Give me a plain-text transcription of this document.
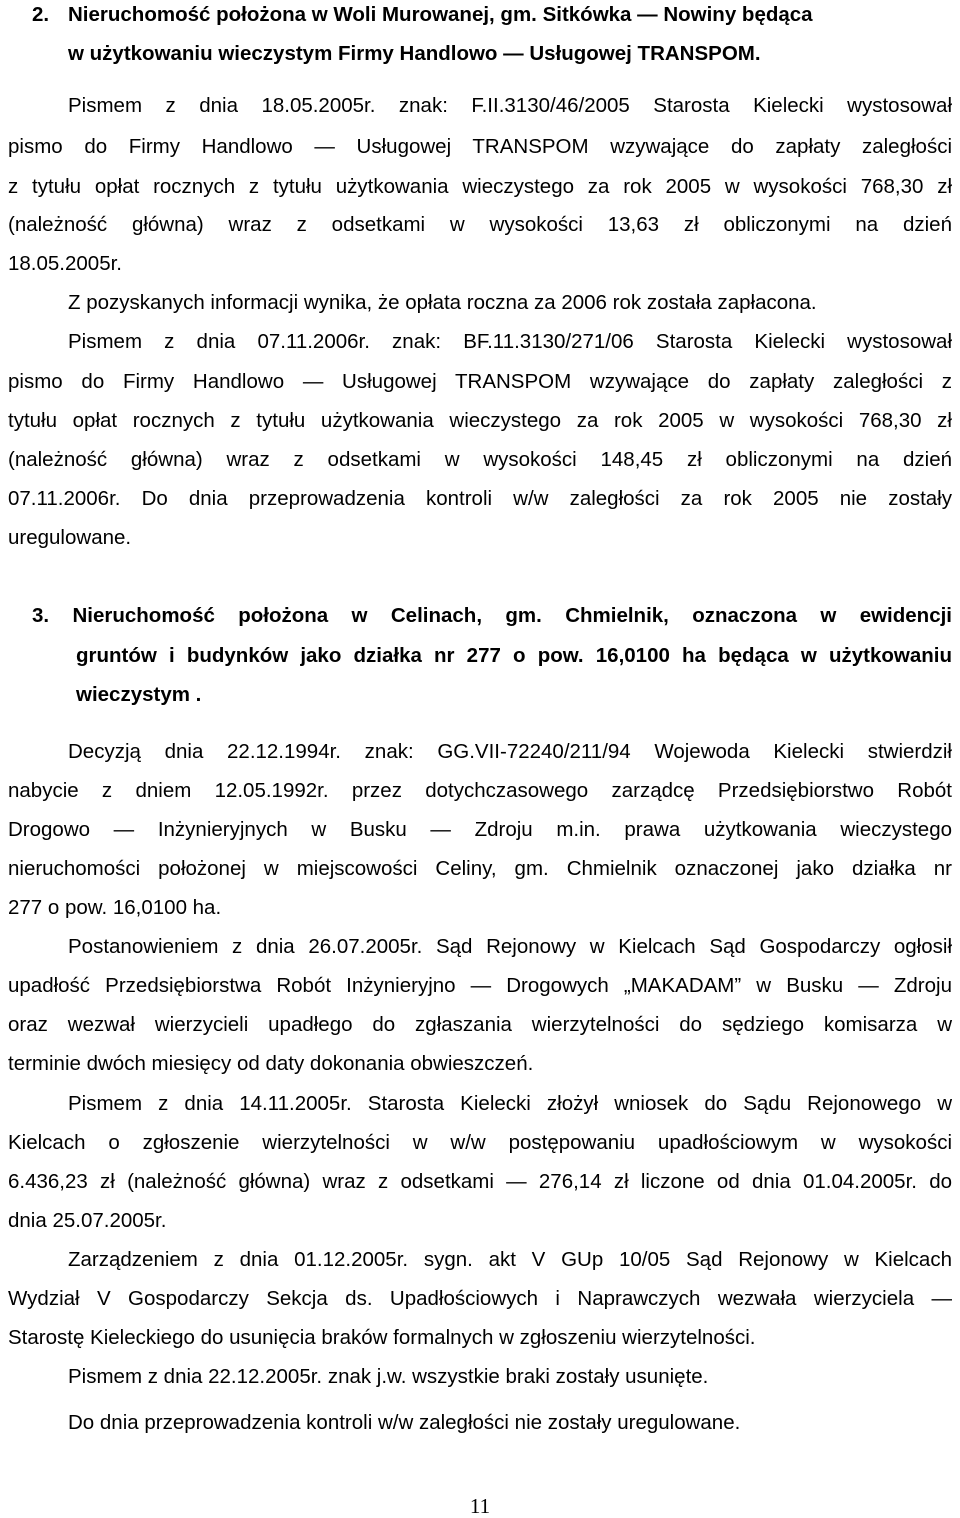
2. Nieruchomość położona w Woli Murowanej, gm. Sitkówka — Nowiny będąca

w użytkowaniu wieczystym Firmy Handlowo — Usługowej TRANSPOM.

Pismem z dnia 18.05.2005r. znak: F.II.3130/46/2005 Starosta Kielecki wystosował

pismo do Firmy Handlowo — Usługowej TRANSPOM wzywające do zapłaty zaległości

z tytułu opłat rocznych z tytułu użytkowania wieczystego za rok 2005 w wysokości 768,30 zł

(należność główna) wraz z odsetkami w wysokości 13,63 zł obliczonymi na dzień

18.05.2005r.

Z pozyskanych informacji wynika, że opłata roczna za 2006 rok została zapłacona.

Pismem z dnia 07.11.2006r. znak: BF.11.3130/271/06 Starosta Kielecki wystosował

pismo do Firmy Handlowo — Usługowej TRANSPOM wzywające do zapłaty zaległości z

tytułu opłat rocznych z tytułu użytkowania wieczystego za rok 2005 w wysokości 768,30 zł

(należność główna) wraz z odsetkami w wysokości 148,45 zł obliczonymi na dzień

07.11.2006r. Do dnia przeprowadzenia kontroli w/w zaległości za rok 2005 nie zostały

uregulowane.

3. Nieruchomość położona w Celinach, gm. Chmielnik, oznaczona w ewidencji

gruntów i budynków jako działka nr 277 o pow. 16,0100 ha będąca w użytkowaniu

wieczystym .

Decyzją dnia 22.12.1994r. znak: GG.VII-72240/211/94 Wojewoda Kielecki stwierdził

nabycie z dniem 12.05.1992r. przez dotychczasowego zarządcę Przedsiębiorstwo Robót

Drogowo — Inżynieryjnych w Busku — Zdroju m.in. prawa użytkowania wieczystego

nieruchomości położonej w miejscowości Celiny, gm. Chmielnik oznaczonej jako działka nr

277 o pow. 16,0100 ha.

Postanowieniem z dnia 26.07.2005r. Sąd Rejonowy w Kielcach Sąd Gospodarczy ogłosił

upadłość Przedsiębiorstwa Robót Inżynieryjno — Drogowych „MAKADAM” w Busku — Zdroju

oraz wezwał wierzycieli upadłego do zgłaszania wierzytelności do sędziego komisarza w

terminie dwóch miesięcy od daty dokonania obwieszczeń.

Pismem z dnia 14.11.2005r. Starosta Kielecki złożył wniosek do Sądu Rejonowego w

Kielcach o zgłoszenie wierzytelności w w/w postępowaniu upadłościowym w wysokości

6.436,23 zł (należność główna) wraz z odsetkami — 276,14 zł liczone od dnia 01.04.2005r. do

dnia 25.07.2005r.

Zarządzeniem z dnia 01.12.2005r. sygn. akt V GUp 10/05 Sąd Rejonowy w Kielcach

Wydział V Gospodarczy Sekcja ds. Upadłościowych i Naprawczych wezwała wierzyciela —

Starostę Kieleckiego do usunięcia braków formalnych w zgłoszeniu wierzytelności.

Pismem z dnia 22.12.2005r. znak j.w. wszystkie braki zostały usunięte.

Do dnia przeprowadzenia kontroli w/w zaległości nie zostały uregulowane.

11
